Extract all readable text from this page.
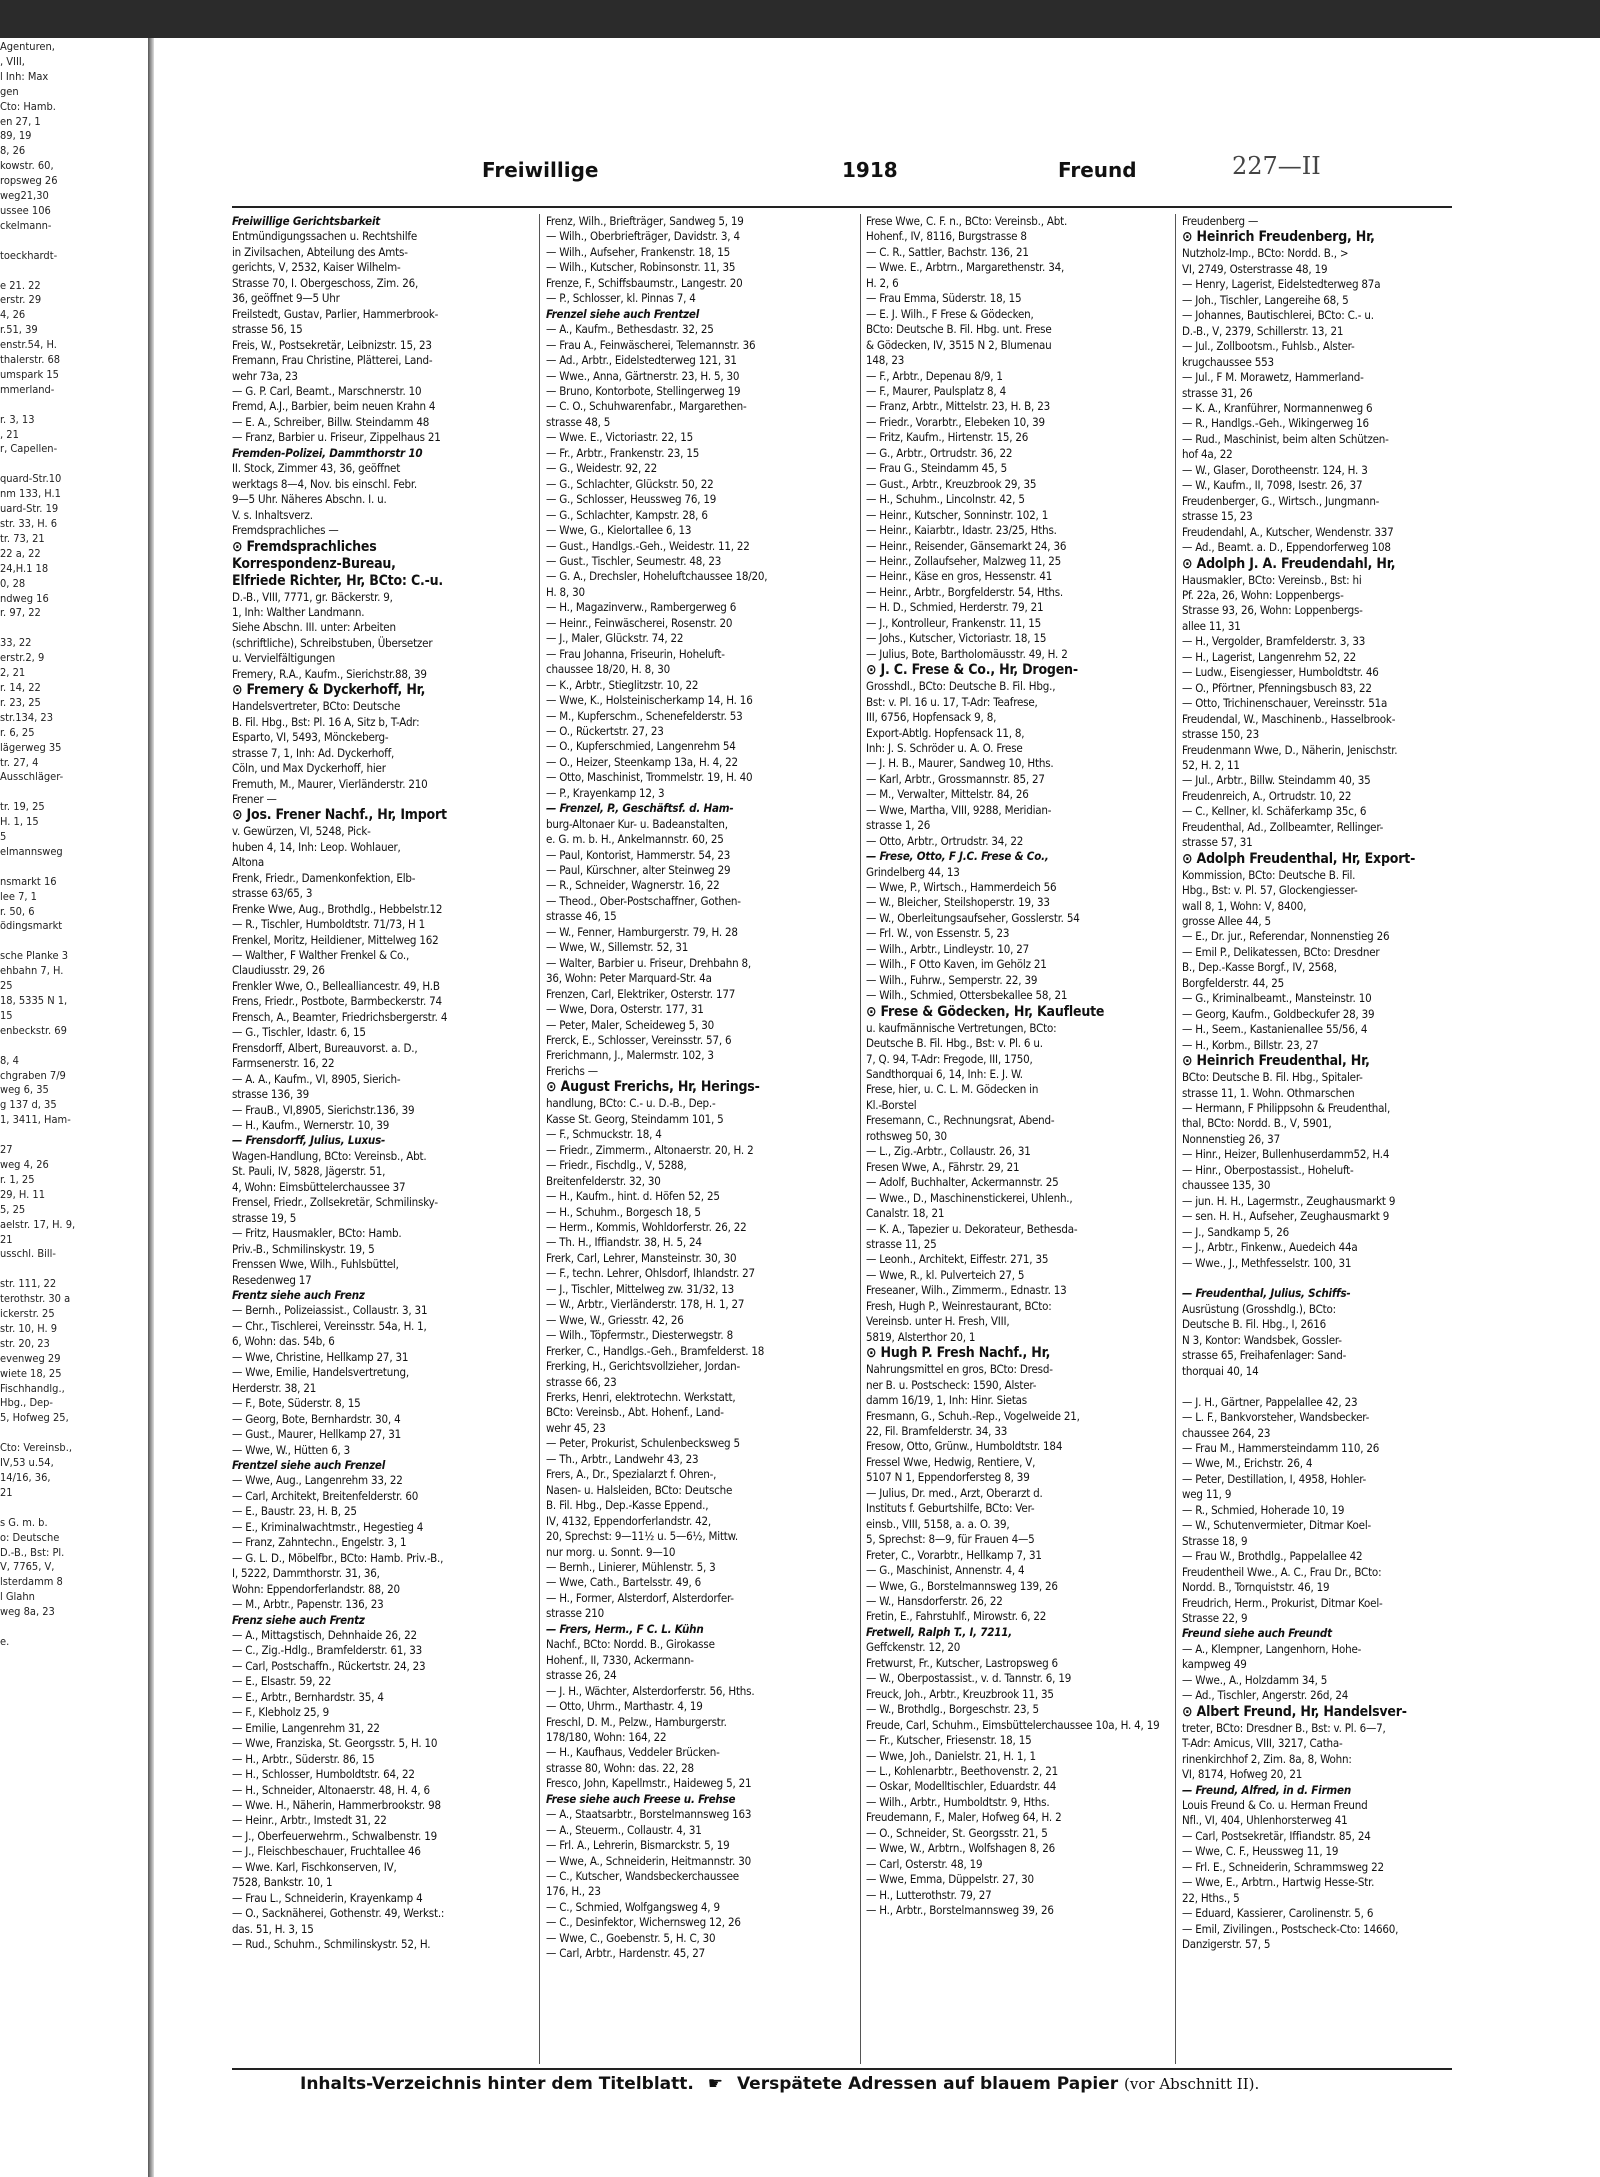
Agenturen,
, VIII,
l Inh: Max
gen
Cto: Hamb.
en 27, 1
89, 19
8, 26
kowstr. 60,
ropsweg 26
weg21,30
ussee 106
ckelmann-

toeckhardt-

e 21. 22
erstr. 29
4, 26
r.51, 39
enstr.54, H.
thalerstr. 68
umspark 15
mmerland-

r. 3, 13
, 21
r, Capellen-

quard-Str.10
nm 133, H.1
uard-Str. 19
str. 33, H. 6
tr. 73, 21
22 a, 22
24,H.1 18
0, 28
ndweg 16
r. 97, 22

33, 22
erstr.2, 9
2, 21
r. 14, 22
r. 23, 25
str.134, 23
r. 6, 25
lägerweg 35
tr. 27, 4
Ausschläger-

tr. 19, 25
H. 1, 15
5
elmannsweg

nsmarkt 16
lee 7, 1
r. 50, 6
ödingsmarkt

sche Planke 3
ehbahn 7, H.
25
18, 5335 N 1,
15
enbeckstr. 69

8, 4
chgraben 7/9
weg 6, 35
g 137 d, 35
1, 3411, Ham-

27
weg 4, 26
r. 1, 25
29, H. 11
5, 25
aelstr. 17, H. 9,
21
usschl. Bill-

str. 111, 22
terothstr. 30 a
ickerstr. 25
str. 10, H. 9
str. 20, 23
evenweg 29
wiete 18, 25
Fischhandlg.,
Hbg., Dep-
5, Hofweg 25,

Cto: Vereinsb.,
IV,53 u.54,
14/16, 36,
21

s G. m. b.
o: Deutsche
D.-B., Bst: Pl.
V, 7765, V,
lsterdamm 8
l Glahn
weg 8a, 23

e.
Freiwillige	1918	Freund	227—II
Freiwillige Gerichtsbarkeit
Entmündigungssachen u. Rechtshilfe
in Zivilsachen, Abteilung des Amts-
gerichts, V, 2532, Kaiser Wilhelm-
Strasse 70, I. Obergeschoss, Zim. 26,
36, geöffnet 9—5 Uhr
Freilstedt, Gustav, Parlier, Hammerbrook-
strasse 56, 15
Freis, W., Postsekretär, Leibnizstr. 15, 23
Fremann, Frau Christine, Plätterei, Land-
wehr 73a, 23
— G. P. Carl, Beamt., Marschnerstr. 10
Fremd, A.J., Barbier, beim neuen Krahn 4
— E. A., Schreiber, Billw. Steindamm 48
— Franz, Barbier u. Friseur, Zippelhaus 21
Fremden-Polizei, Dammthorstr 10
II. Stock, Zimmer 43, 36, geöffnet
werktags 8—4, Nov. bis einschl. Febr.
9—5 Uhr. Näheres Abschn. I. u.
V. s. Inhaltsverz.
Fremdsprachliches —
⊙ Fremdsprachliches
Korrespondenz-Bureau,
Elfriede Richter, Hr, BCto: C.-u.
D.-B., VIII, 7771, gr. Bäckerstr. 9,
1, Inh: Walther Landmann.
Siehe Abschn. III. unter: Arbeiten
(schriftliche), Schreibstuben, Übersetzer
u. Vervielfältigungen
Fremery, R.A., Kaufm., Sierichstr.88, 39
⊙ Fremery & Dyckerhoff, Hr,
Handelsvertreter, BCto: Deutsche
B. Fil. Hbg., Bst: Pl. 16 A, Sitz b, T-Adr:
Esparto, VI, 5493, Mönckeberg-
strasse 7, 1, Inh: Ad. Dyckerhoff,
Cöln, und Max Dyckerhoff, hier
Fremuth, M., Maurer, Vierländerstr. 210
Frener —
⊙ Jos. Frener Nachf., Hr, Import
v. Gewürzen, VI, 5248, Pick-
huben 4, 14, Inh: Leop. Wohlauer,
Altona
Frenk, Friedr., Damenkonfektion, Elb-
strasse 63/65, 3
Frenke Wwe, Aug., Brothdlg., Hebbelstr.12
— R., Tischler, Humboldtstr. 71/73, H 1
Frenkel, Moritz, Heildiener, Mittelweg 162
— Walther, F Walther Frenkel & Co.,
Claudiusstr. 29, 26
Frenkler Wwe, O., Bellealliancestr. 49, H.B
Frens, Friedr., Postbote, Barmbeckerstr. 74
Frensch, A., Beamter, Friedrichsbergerstr. 4
— G., Tischler, Idastr. 6, 15
Frensdorff, Albert, Bureauvorst. a. D.,
Farmsenerstr. 16, 22
— A. A., Kaufm., VI, 8905, Sierich-
strasse 136, 39
— FrauB., VI,8905, Sierichstr.136, 39
— H., Kaufm., Wernerstr. 10, 39
— Frensdorff, Julius, Luxus-
Wagen-Handlung, BCto: Vereinsb., Abt.
St. Pauli, IV, 5828, Jägerstr. 51,
4, Wohn: Eimsbüttelerchaussee 37
Frensel, Friedr., Zollsekretär, Schmilinsky-
strasse 19, 5
— Fritz, Hausmakler, BCto: Hamb.
Priv.-B., Schmilinskystr. 19, 5
Frenssen Wwe, Wilh., Fuhlsbüttel,
Resedenweg 17
Frentz siehe auch Frenz
— Bernh., Polizeiassist., Collaustr. 3, 31
— Chr., Tischlerei, Vereinsstr. 54a, H. 1,
6, Wohn: das. 54b, 6
— Wwe, Christine, Hellkamp 27, 31
— Wwe, Emilie, Handelsvertretung,
Herderstr. 38, 21
— F., Bote, Süderstr. 8, 15
— Georg, Bote, Bernhardstr. 30, 4
— Gust., Maurer, Hellkamp 27, 31
— Wwe, W., Hütten 6, 3
Frentzel siehe auch Frenzel
— Wwe, Aug., Langenrehm 33, 22
— Carl, Architekt, Breitenfelderstr. 60
— E., Baustr. 23, H. B, 25
— E., Kriminalwachtmstr., Hegestieg 4
— Franz, Zahntechn., Engelstr. 3, 1
— G. L. D., Möbelfbr., BCto: Hamb. Priv.-B.,
I, 5222, Dammthorstr. 31, 36,
Wohn: Eppendorferlandstr. 88, 20
— M., Arbtr., Papenstr. 136, 23
Frenz siehe auch Frentz
— A., Mittagstisch, Dehnhaide 26, 22
— C., Zig.-Hdlg., Bramfelderstr. 61, 33
— Carl, Postschaffn., Rückertstr. 24, 23
— E., Elsastr. 59, 22
— E., Arbtr., Bernhardstr. 35, 4
— F., Klebholz 25, 9
— Emilie, Langenrehm 31, 22
— Wwe, Franziska, St. Georgsstr. 5, H. 10
— H., Arbtr., Süderstr. 86, 15
— H., Schlosser, Humboldtstr. 64, 22
— H., Schneider, Altonaerstr. 48, H. 4, 6
— Wwe. H., Näherin, Hammerbrookstr. 98
— Heinr., Arbtr., Imstedt 31, 22
— J., Oberfeuerwehrm., Schwalbenstr. 19
— J., Fleischbeschauer, Fruchtallee 46
— Wwe. Karl, Fischkonserven, IV,
7528, Bankstr. 10, 1
— Frau L., Schneiderin, Krayenkamp 4
— O., Sacknäherei, Gothenstr. 49, Werkst.:
das. 51, H. 3, 15
— Rud., Schuhm., Schmilinskystr. 52, H.
Frenz, Wilh., Briefträger, Sandweg 5, 19
— Wilh., Oberbriefträger, Davidstr. 3, 4
— Wilh., Aufseher, Frankenstr. 18, 15
— Wilh., Kutscher, Robinsonstr. 11, 35
Frenze, F., Schiffsbaumstr., Langestr. 20
— P., Schlosser, kl. Pinnas 7, 4
Frenzel siehe auch Frentzel
— A., Kaufm., Bethesdastr. 32, 25
— Frau A., Feinwäscherei, Telemannstr. 36
— Ad., Arbtr., Eidelstedterweg 121, 31
— Wwe., Anna, Gärtnerstr. 23, H. 5, 30
— Bruno, Kontorbote, Stellingerweg 19
— C. O., Schuhwarenfabr., Margarethen-
strasse 48, 5
— Wwe. E., Victoriastr. 22, 15
— Fr., Arbtr., Frankenstr. 23, 15
— G., Weidestr. 92, 22
— G., Schlachter, Glückstr. 50, 22
— G., Schlosser, Heussweg 76, 19
— G., Schlachter, Kampstr. 28, 6
— Wwe, G., Kielortallee 6, 13
— Gust., Handlgs.-Geh., Weidestr. 11, 22
— Gust., Tischler, Seumestr. 48, 23
— G. A., Drechsler, Hoheluftchaussee 18/20,
H. 8, 30
— H., Magazinverw., Rambergerweg 6
— Heinr., Feinwäscherei, Rosenstr. 20
— J., Maler, Glückstr. 74, 22
— Frau Johanna, Friseurin, Hoheluft-
chaussee 18/20, H. 8, 30
— K., Arbtr., Stieglitzstr. 10, 22
— Wwe, K., Holsteinischerkamp 14, H. 16
— M., Kupferschm., Schenefelderstr. 53
— O., Rückertstr. 27, 23
— O., Kupferschmied, Langenrehm 54
— O., Heizer, Steenkamp 13a, H. 4, 22
— Otto, Maschinist, Trommelstr. 19, H. 40
— P., Krayenkamp 12, 3
— Frenzel, P., Geschäftsf. d. Ham-
burg-Altonaer Kur- u. Badeanstalten,
e. G. m. b. H., Ankelmannstr. 60, 25
— Paul, Kontorist, Hammerstr. 54, 23
— Paul, Kürschner, alter Steinweg 29
— R., Schneider, Wagnerstr. 16, 22
— Theod., Ober-Postschaffner, Gothen-
strasse 46, 15
— W., Fenner, Hamburgerstr. 79, H. 28
— Wwe, W., Sillemstr. 52, 31
— Walter, Barbier u. Friseur, Drehbahn 8,
36, Wohn: Peter Marquard-Str. 4a
Frenzen, Carl, Elektriker, Osterstr. 177
— Wwe, Dora, Osterstr. 177, 31
— Peter, Maler, Scheideweg 5, 30
Frerck, E., Schlosser, Vereinsstr. 57, 6
Frerichmann, J., Malermstr. 102, 3
Frerichs —
⊙ August Frerichs, Hr, Herings-
handlung, BCto: C.- u. D.-B., Dep.-
Kasse St. Georg, Steindamm 101, 5
— F., Schmuckstr. 18, 4
— Friedr., Zimmerm., Altonaerstr. 20, H. 2
— Friedr., Fischdlg., V, 5288,
Breitenfelderstr. 32, 30
— H., Kaufm., hint. d. Höfen 52, 25
— H., Schuhm., Borgesch 18, 5
— Herm., Kommis, Wohldorferstr. 26, 22
— Th. H., Iffiandstr. 38, H. 5, 24
Frerk, Carl, Lehrer, Mansteinstr. 30, 30
— F., techn. Lehrer, Ohlsdorf, Ihlandstr. 27
— J., Tischler, Mittelweg zw. 31/32, 13
— W., Arbtr., Vierländerstr. 178, H. 1, 27
— Wwe, W., Griesstr. 42, 26
— Wilh., Töpfermstr., Diesterwegstr. 8
Frerker, C., Handlgs.-Geh., Bramfelderst. 18
Frerking, H., Gerichtsvollzieher, Jordan-
strasse 66, 23
Frerks, Henri, elektrotechn. Werkstatt,
BCto: Vereinsb., Abt. Hohenf., Land-
wehr 45, 23
— Peter, Prokurist, Schulenbecksweg 5
— Th., Arbtr., Landwehr 43, 23
Frers, A., Dr., Spezialarzt f. Ohren-,
Nasen- u. Halsleiden, BCto: Deutsche
B. Fil. Hbg., Dep.-Kasse Eppend.,
IV, 4132, Eppendorferlandstr. 42,
20, Sprechst: 9—11½ u. 5—6½, Mittw.
nur morg. u. Sonnt. 9—10
— Bernh., Linierer, Mühlenstr. 5, 3
— Wwe, Cath., Bartelsstr. 49, 6
— H., Former, Alsterdorf, Alsterdorfer-
strasse 210
— Frers, Herm., F C. L. Kühn
Nachf., BCto: Nordd. B., Girokasse
Hohenf., II, 7330, Ackermann-
strasse 26, 24
— J. H., Wächter, Alsterdorferstr. 56, Hths.
— Otto, Uhrm., Marthastr. 4, 19
Freschl, D. M., Pelzw., Hamburgerstr.
178/180, Wohn: 164, 22
— H., Kaufhaus, Veddeler Brücken-
strasse 80, Wohn: das. 22, 28
Fresco, John, Kapellmstr., Haideweg 5, 21
Frese siehe auch Freese u. Frehse
— A., Staatsarbtr., Borstelmannsweg 163
— A., Steuerm., Collaustr. 4, 31
— Frl. A., Lehrerin, Bismarckstr. 5, 19
— Wwe, A., Schneiderin, Heitmannstr. 30
— C., Kutscher, Wandsbeckerchaussee
176, H., 23
— C., Schmied, Wolfgangsweg 4, 9
— C., Desinfektor, Wichernsweg 12, 26
— Wwe, C., Goebenstr. 5, H. C, 30
— Carl, Arbtr., Hardenstr. 45, 27
Frese Wwe, C. F. n., BCto: Vereinsb., Abt.
Hohenf., IV, 8116, Burgstrasse 8
— C. R., Sattler, Bachstr. 136, 21
— Wwe. E., Arbtrn., Margarethenstr. 34,
H. 2, 6
— Frau Emma, Süderstr. 18, 15
— E. J. Wilh., F Frese & Gödecken,
BCto: Deutsche B. Fil. Hbg. unt. Frese
& Gödecken, IV, 3515 N 2, Blumenau
148, 23
— F., Arbtr., Depenau 8/9, 1
— F., Maurer, Paulsplatz 8, 4
— Franz, Arbtr., Mittelstr. 23, H. B, 23
— Friedr., Vorarbtr., Elebeken 10, 39
— Fritz, Kaufm., Hirtenstr. 15, 26
— G., Arbtr., Ortrudstr. 36, 22
— Frau G., Steindamm 45, 5
— Gust., Arbtr., Kreuzbrook 29, 35
— H., Schuhm., Lincolnstr. 42, 5
— Heinr., Kutscher, Sonninstr. 102, 1
— Heinr., Kaiarbtr., Idastr. 23/25, Hths.
— Heinr., Reisender, Gänsemarkt 24, 36
— Heinr., Zollaufseher, Malzweg 11, 25
— Heinr., Käse en gros, Hessenstr. 41
— Heinr., Arbtr., Borgfelderstr. 54, Hths.
— H. D., Schmied, Herderstr. 79, 21
— J., Kontrolleur, Frankenstr. 11, 15
— Johs., Kutscher, Victoriastr. 18, 15
— Julius, Bote, Bartholomäusstr. 49, H. 2
⊙ J. C. Frese & Co., Hr, Drogen-
Grosshdl., BCto: Deutsche B. Fil. Hbg.,
Bst: v. Pl. 16 u. 17, T-Adr: Teafrese,
III, 6756, Hopfensack 9, 8,
Export-Abtlg. Hopfensack 11, 8,
Inh: J. S. Schröder u. A. O. Frese
— J. H. B., Maurer, Sandweg 10, Hths.
— Karl, Arbtr., Grossmannstr. 85, 27
— M., Verwalter, Mittelstr. 84, 26
— Wwe, Martha, VIII, 9288, Meridian-
strasse 1, 26
— Otto, Arbtr., Ortrudstr. 34, 22
— Frese, Otto, F J.C. Frese & Co.,
Grindelberg 44, 13
— Wwe, P., Wirtsch., Hammerdeich 56
— W., Bleicher, Steilshoperstr. 19, 33
— W., Oberleitungsaufseher, Gosslerstr. 54
— Frl. W., von Essenstr. 5, 23
— Wilh., Arbtr., Lindleystr. 10, 27
— Wilh., F Otto Kaven, im Gehölz 21
— Wilh., Fuhrw., Semperstr. 22, 39
— Wilh., Schmied, Ottersbekallee 58, 21
⊙ Frese & Gödecken, Hr, Kaufleute
u. kaufmännische Vertretungen, BCto:
Deutsche B. Fil. Hbg., Bst: v. Pl. 6 u.
7, Q. 94, T-Adr: Fregode, III, 1750,
Sandthorquai 6, 14, Inh: E. J. W.
Frese, hier, u. C. L. M. Gödecken in
Kl.-Borstel
Fresemann, C., Rechnungsrat, Abend-
rothsweg 50, 30
— L., Zig.-Arbtr., Collaustr. 26, 31
Fresen Wwe, A., Fährstr. 29, 21
— Adolf, Buchhalter, Ackermannstr. 25
— Wwe., D., Maschinenstickerei, Uhlenh.,
Canalstr. 18, 21
— K. A., Tapezier u. Dekorateur, Bethesda-
strasse 11, 25
— Leonh., Architekt, Eiffestr. 271, 35
— Wwe, R., kl. Pulverteich 27, 5
Freseaner, Wilh., Zimmerm., Ednastr. 13
Fresh, Hugh P., Weinrestaurant, BCto:
Vereinsb. unter H. Fresh, VIII,
5819, Alsterthor 20, 1
⊙ Hugh P. Fresh Nachf., Hr,
Nahrungsmittel en gros, BCto: Dresd-
ner B. u. Postscheck: 1590, Alster-
damm 16/19, 1, Inh: Hinr. Sietas
Fresmann, G., Schuh.-Rep., Vogelweide 21,
22, Fil. Bramfelderstr. 34, 33
Fresow, Otto, Grünw., Humboldtstr. 184
Fressel Wwe, Hedwig, Rentiere, V,
5107 N 1, Eppendorfersteg 8, 39
— Julius, Dr. med., Arzt, Oberarzt d.
Instituts f. Geburtshilfe, BCto: Ver-
einsb., VIII, 5158, a. a. O. 39,
5, Sprechst: 8—9, für Frauen 4—5
Freter, C., Vorarbtr., Hellkamp 7, 31
— G., Maschinist, Annenstr. 4, 4
— Wwe, G., Borstelmannsweg 139, 26
— W., Hansdorferstr. 26, 22
Fretin, E., Fahrstuhlf., Mirowstr. 6, 22
Fretwell, Ralph T., I, 7211,
Geffckenstr. 12, 20
Fretwurst, Fr., Kutscher, Lastropsweg 6
— W., Oberpostassist., v. d. Tannstr. 6, 19
Freuck, Joh., Arbtr., Kreuzbrook 11, 35
— W., Brothdlg., Borgeschstr. 23, 5
Freude, Carl, Schuhm., Eimsbüttelerchaussee 10a, H. 4, 19
— Fr., Kutscher, Friesenstr. 18, 15
— Wwe, Joh., Danielstr. 21, H. 1, 1
— L., Kohlenarbtr., Beethovenstr. 2, 21
— Oskar, Modelltischler, Eduardstr. 44
— Wilh., Arbtr., Humboldtstr. 9, Hths.
Freudemann, F., Maler, Hofweg 64, H. 2
— O., Schneider, St. Georgsstr. 21, 5
— Wwe, W., Arbtrn., Wolfshagen 8, 26
— Carl, Osterstr. 48, 19
— Wwe, Emma, Düppelstr. 27, 30
— H., Lutterothstr. 79, 27
— H., Arbtr., Borstelmannsweg 39, 26
Freudenberg —
⊙ Heinrich Freudenberg, Hr,
Nutzholz-Imp., BCto: Nordd. B., >
VI, 2749, Osterstrasse 48, 19
— Henry, Lagerist, Eidelstedterweg 87a
— Joh., Tischler, Langereihe 68, 5
— Johannes, Bautischlerei, BCto: C.- u.
D.-B., V, 2379, Schillerstr. 13, 21
— Jul., Zollbootsm., Fuhlsb., Alster-
krugchaussee 553
— Jul., F M. Morawetz, Hammerland-
strasse 31, 26
— K. A., Kranführer, Normannenweg 6
— R., Handlgs.-Geh., Wikingerweg 16
— Rud., Maschinist, beim alten Schützen-
hof 4a, 22
— W., Glaser, Dorotheenstr. 124, H. 3
— W., Kaufm., II, 7098, Isestr. 26, 37
Freudenberger, G., Wirtsch., Jungmann-
strasse 15, 23
Freudendahl, A., Kutscher, Wendenstr. 337
— Ad., Beamt. a. D., Eppendorferweg 108
⊙ Adolph J. A. Freudendahl, Hr,
Hausmakler, BCto: Vereinsb., Bst: hi
Pf. 22a, 26, Wohn: Loppenbergs-
Strasse 93, 26, Wohn: Loppenbergs-
allee 11, 31
— H., Vergolder, Bramfelderstr. 3, 33
— H., Lagerist, Langenrehm 52, 22
— Ludw., Eisengiesser, Humboldtstr. 46
— O., Pförtner, Pfenningsbusch 83, 22
— Otto, Trichinenschauer, Vereinsstr. 51a
Freudendal, W., Maschinenb., Hasselbrook-
strasse 150, 23
Freudenmann Wwe, D., Näherin, Jenischstr.
52, H. 2, 11
— Jul., Arbtr., Billw. Steindamm 40, 35
Freudenreich, A., Ortrudstr. 10, 22
— C., Kellner, kl. Schäferkamp 35c, 6
Freudenthal, Ad., Zollbeamter, Rellinger-
strasse 57, 31
⊙ Adolph Freudenthal, Hr, Export-
Kommission, BCto: Deutsche B. Fil.
Hbg., Bst: v. Pl. 57, Glockengiesser-
wall 8, 1, Wohn: V, 8400,
grosse Allee 44, 5
— E., Dr. jur., Referendar, Nonnenstieg 26
— Emil P., Delikatessen, BCto: Dresdner
B., Dep.-Kasse Borgf., IV, 2568,
Borgfelderstr. 44, 25
— G., Kriminalbeamt., Mansteinstr. 10
— Georg, Kaufm., Goldbeckufer 28, 39
— H., Seem., Kastanienallee 55/56, 4
— H., Korbm., Billstr. 23, 27
⊙ Heinrich Freudenthal, Hr,
BCto: Deutsche B. Fil. Hbg., Spitaler-
strasse 11, 1. Wohn. Othmarschen
— Hermann, F Philippsohn & Freudenthal,
thal, BCto: Nordd. B., V, 5901,
Nonnenstieg 26, 37
— Hinr., Heizer, Bullenhuserdamm52, H.4
— Hinr., Oberpostassist., Hoheluft-
chaussee 135, 30
— jun. H. H., Lagermstr., Zeughausmarkt 9
— sen. H. H., Aufseher, Zeughausmarkt 9
— J., Sandkamp 5, 26
— J., Arbtr., Finkenw., Auedeich 44a
— Wwe., J., Methfesselstr. 100, 31

— Freudenthal, Julius, Schiffs-
Ausrüstung (Grosshdlg.), BCto:
Deutsche B. Fil. Hbg., I, 2616
N 3, Kontor: Wandsbek, Gossler-
strasse 65, Freihafenlager: Sand-
thorquai 40, 14

— J. H., Gärtner, Pappelallee 42, 23
— L. F., Bankvorsteher, Wandsbecker-
chaussee 264, 23
— Frau M., Hammersteindamm 110, 26
— Wwe, M., Erichstr. 26, 4
— Peter, Destillation, I, 4958, Hohler-
weg 11, 9
— R., Schmied, Hoherade 10, 19
— W., Schutenvermieter, Ditmar Koel-
Strasse 18, 9
— Frau W., Brothdlg., Pappelallee 42
Freudentheil Wwe., A. C., Frau Dr., BCto:
Nordd. B., Tornquiststr. 46, 19
Freudrich, Herm., Prokurist, Ditmar Koel-
Strasse 22, 9
Freund siehe auch Freundt
— A., Klempner, Langenhorn, Hohe-
kampweg 49
— Wwe., A., Holzdamm 34, 5
— Ad., Tischler, Angerstr. 26d, 24
⊙ Albert Freund, Hr, Handelsver-
treter, BCto: Dresdner B., Bst: v. Pl. 6—7,
T-Adr: Amicus, VIII, 3217, Catha-
rinenkirchhof 2, Zim. 8a, 8, Wohn:
VI, 8174, Hofweg 20, 21
— Freund, Alfred, in d. Firmen
Louis Freund & Co. u. Herman Freund
Nfl., VI, 404, Uhlenhorsterweg 41
— Carl, Postsekretär, Iffiandstr. 85, 24
— Wwe, C. F., Heussweg 11, 19
— Frl. E., Schneiderin, Schrammsweg 22
— Wwe, E., Arbtrn., Hartwig Hesse-Str.
22, Hths., 5
— Eduard, Kassierer, Carolinenstr. 5, 6
— Emil, Zivilingen., Postscheck-Cto: 14660,
Danzigerstr. 57, 5
Inhalts-Verzeichnis hinter dem Titelblatt. ☛ Verspätete Adressen auf blauem Papier (vor Abschnitt II).
